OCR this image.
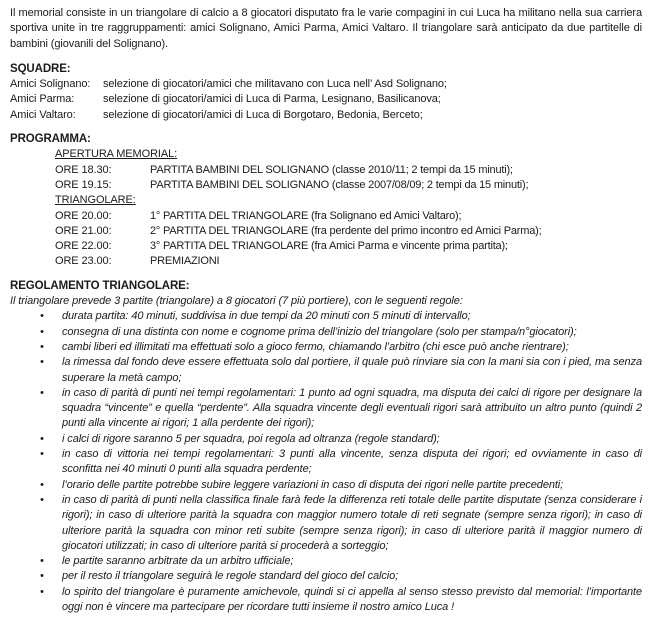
Il memorial consiste in un triangolare di calcio a 8 giocatori disputato fra le varie compagini in cui Luca ha militano nella sua carriera sportiva unite in tre raggruppamenti: amici Solignano, Amici Parma, Amici Valtaro. Il triangolare sarà anticipato da due partitelle di bambini (giovanili del Solignano).

SQUADRE:
Amici Solignano:	selezione di giocatori/amici che militavano con Luca nell’ Asd Solignano;
Amici Parma:	selezione di giocatori/amici di Luca di Parma, Lesignano, Basilicanova;
Amici Valtaro:	selezione di giocatori/amici di Luca di Borgotaro, Bedonia, Berceto;
PROGRAMMA:
APERTURA MEMORIAL:
ORE 18.30:	PARTITA BAMBINI DEL SOLIGNANO (classe 2010/11; 2 tempi da 15 minuti);
ORE 19.15:	PARTITA BAMBINI DEL SOLIGNANO (classe 2007/08/09; 2 tempi da 15 minuti);
TRIANGOLARE:
ORE 20.00:	1° PARTITA DEL TRIANGOLARE (fra Solignano ed Amici Valtaro);
ORE 21.00:	2° PARTITA DEL TRIANGOLARE (fra perdente del primo incontro ed Amici Parma);
ORE 22.00:	3° PARTITA DEL TRIANGOLARE (fra Amici Parma e vincente prima partita);
ORE 23.00:	PREMIAZIONI
REGOLAMENTO TRIANGOLARE:

Il triangolare prevede 3 partite (triangolare) a 8 giocatori (7 più portiere), con le seguenti regole:

•	durata partita: 40 minuti, suddivisa in due tempi da 20 minuti con 5 minuti di intervallo;
•	consegna di una distinta con nome e cognome prima dell’inizio del triangolare (solo per stampa/n°giocatori);
•	cambi liberi ed illimitati ma effettuati solo a gioco fermo, chiamando l’arbitro (chi esce può anche rientrare);
•	la rimessa dal fondo deve essere effettuata solo dal portiere, il quale può rinviare sia con la mani sia con i pied, ma senza superare la metà campo;
•	in caso di parità di punti nei tempi regolamentari: 1 punto ad ogni squadra, ma disputa dei calci di rigore per designare la squadra “vincente” e quella “perdente”. Alla squadra vincente degli eventuali rigori sarà attribuito un altro punto (quindi 2 punti alla vincente ai rigori; 1 alla perdente dei rigori);
•	i calci di rigore saranno 5 per squadra, poi regola ad oltranza (regole standard);
•	in caso di vittoria nei tempi regolamentari: 3 punti alla vincente, senza disputa dei rigori; ed ovviamente in caso di sconfitta nei 40 minuti 0 punti alla squadra perdente;
•	l’orario delle partite potrebbe subire leggere variazioni in caso di disputa dei rigori nelle partite precedenti;
•	in caso di parità di punti nella classifica finale farà fede la differenza reti totale delle partite disputate (senza considerare i rigori); in caso di ulteriore parità la squadra con maggior numero totale di reti segnate (sempre senza rigori); in caso di ulteriore parità la squadra con minor reti subite (sempre senza rigori); in caso di ulteriore parità il maggior numero di giocatori utilizzati; in caso di ulteriore parità si procederà a sorteggio;
•	le partite saranno arbitrate da un arbitro ufficiale;
•	per il resto il triangolare seguirà le regole standard del gioco del calcio;
•	lo spirito del triangolare è puramente amichevole, quindi si ci appella al senso stesso previsto dal memorial: l’importante oggi non è vincere ma partecipare per ricordare tutti insieme il nostro amico Luca !
